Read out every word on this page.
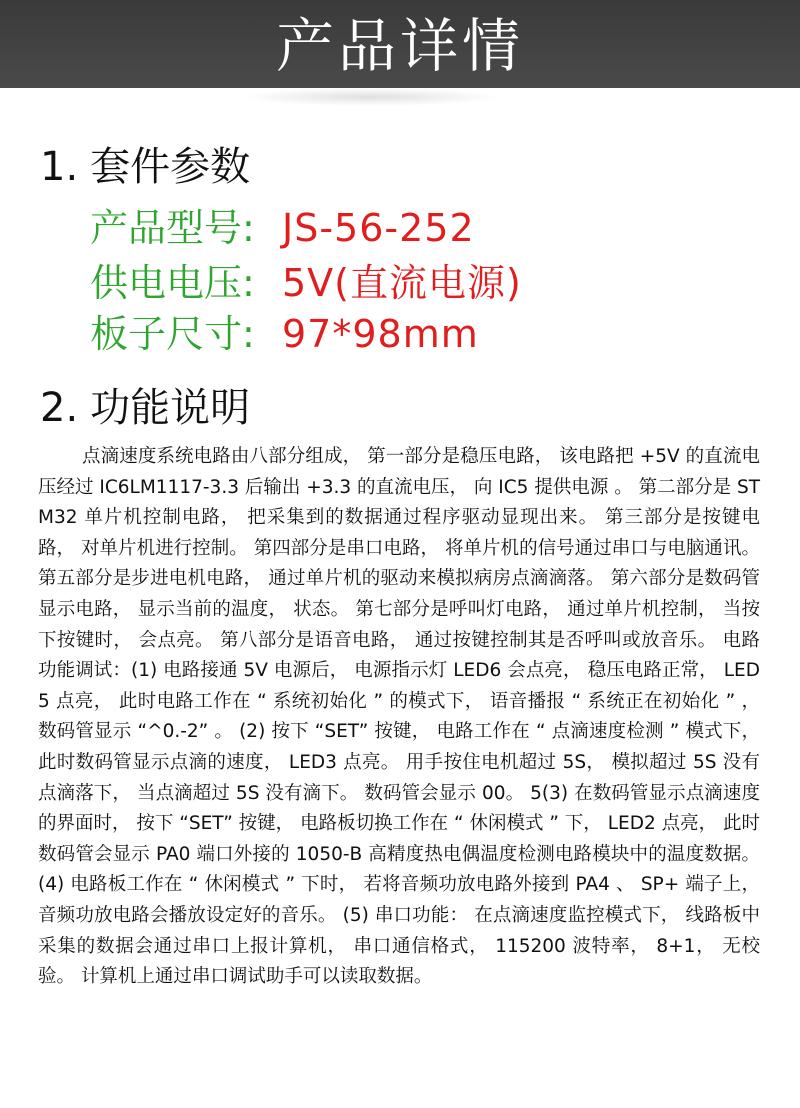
产品详情
1. 套件参数
产品型号: JS-56-252
供电电压: 5V(直流电源)
板子尺寸: 97*98mm
2. 功能说明
点滴速度系统电路由八部分组成， 第一部分是稳压电路， 该电路把 +5V 的直流电压经过 IC6LM1117-3.3 后输出 +3.3 的直流电压， 向 IC5 提供电源 。 第二部分是 STM32 单片机控制电路， 把采集到的数据通过程序驱动显现出来。 第三部分是按键电路， 对单片机进行控制。 第四部分是串口电路， 将单片机的信号通过串口与电脑通讯。 第五部分是步进电机电路， 通过单片机的驱动来模拟病房点滴滴落。 第六部分是数码管显示电路， 显示当前的温度， 状态。 第七部分是呼叫灯电路， 通过单片机控制， 当按下按键时， 会点亮。 第八部分是语音电路， 通过按键控制其是否呼叫或放音乐。 电路功能调试：(1) 电路接通 5V 电源后， 电源指示灯 LED6 会点亮， 稳压电路正常， LED5 点亮， 此时电路工作在 “ 系统初始化 ” 的模式下， 语音播报 “ 系统正在初始化 ” ， 数码管显示 “^0.-2” 。 (2) 按下 “SET” 按键， 电路工作在 “ 点滴速度检测 ” 模式下， 此时数码管显示点滴的速度， LED3 点亮。 用手按住电机超过 5S， 模拟超过 5S 没有点滴落下， 当点滴超过 5S 没有滴下。 数码管会显示 00。 5(3) 在数码管显示点滴速度的界面时， 按下 “SET” 按键， 电路板切换工作在 “ 休闲模式 ” 下， LED2 点亮， 此时数码管会显示 PA0 端口外接的 1050-B 高精度热电偶温度检测电路模块中的温度数据。 (4) 电路板工作在 “ 休闲模式 ” 下时， 若将音频功放电路外接到 PA4 、 SP+ 端子上， 音频功放电路会播放设定好的音乐。 (5) 串口功能： 在点滴速度监控模式下， 线路板中采集的数据会通过串口上报计算机， 串口通信格式， 115200 波特率， 8+1， 无校验。 计算机上通过串口调试助手可以读取数据。
